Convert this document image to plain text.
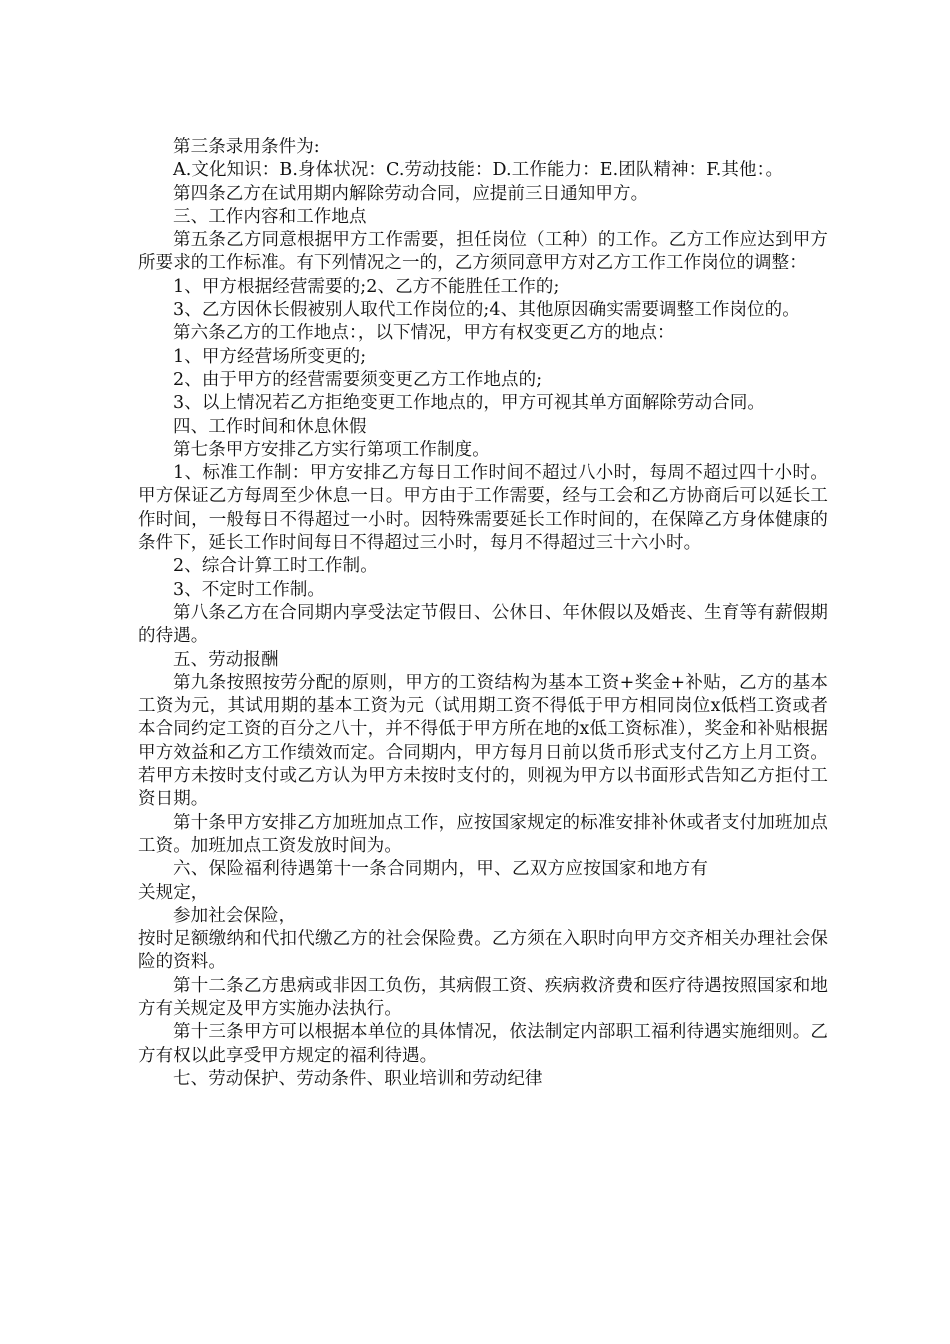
第三条录用条件为:

A.文化知识：B.身体状况：C.劳动技能：D.工作能力：E.团队精神：F.其他：。

第四条乙方在试用期内解除劳动合同，应提前三日通知甲方。

三、工作内容和工作地点

第五条乙方同意根据甲方工作需要，担任岗位（工种）的工作。乙方工作应达到甲方所要求的工作标准。有下列情况之一的，乙方须同意甲方对乙方工作工作岗位的调整：

1、甲方根据经营需要的;2、乙方不能胜任工作的;

3、乙方因休长假被别人取代工作岗位的;4、其他原因确实需要调整工作岗位的。

第六条乙方的工作地点：，以下情况，甲方有权变更乙方的地点：

1、甲方经营场所变更的;

2、由于甲方的经营需要须变更乙方工作地点的;

3、以上情况若乙方拒绝变更工作地点的，甲方可视其单方面解除劳动合同。

四、工作时间和休息休假

第七条甲方安排乙方实行第项工作制度。

1、标准工作制：甲方安排乙方每日工作时间不超过八小时，每周不超过四十小时。甲方保证乙方每周至少休息一日。甲方由于工作需要，经与工会和乙方协商后可以延长工作时间，一般每日不得超过一小时。因特殊需要延长工作时间的，在保障乙方身体健康的条件下，延长工作时间每日不得超过三小时，每月不得超过三十六小时。

2、综合计算工时工作制。

3、不定时工作制。

第八条乙方在合同期内享受法定节假日、公休日、年休假以及婚丧、生育等有薪假期的待遇。

五、劳动报酬

第九条按照按劳分配的原则，甲方的工资结构为基本工资+奖金+补贴，乙方的基本工资为元，其试用期的基本工资为元（试用期工资不得低于甲方相同岗位x低档工资或者本合同约定工资的百分之八十，并不得低于甲方所在地的x低工资标准），奖金和补贴根据甲方效益和乙方工作绩效而定。合同期内，甲方每月日前以货币形式支付乙方上月工资。若甲方未按时支付或乙方认为甲方未按时支付的，则视为甲方以书面形式告知乙方拒付工资日期。

第十条甲方安排乙方加班加点工作，应按国家规定的标准安排补休或者支付加班加点工资。加班加点工资发放时间为。

六、保险福利待遇第十一条合同期内，甲、乙双方应按国家和地方有关规定，

参加社会保险，

按时足额缴纳和代扣代缴乙方的社会保险费。乙方须在入职时向甲方交齐相关办理社会保险的资料。

第十二条乙方患病或非因工负伤，其病假工资、疾病救济费和医疗待遇按照国家和地方有关规定及甲方实施办法执行。

第十三条甲方可以根据本单位的具体情况，依法制定内部职工福利待遇实施细则。乙方有权以此享受甲方规定的福利待遇。

七、劳动保护、劳动条件、职业培训和劳动纪律
